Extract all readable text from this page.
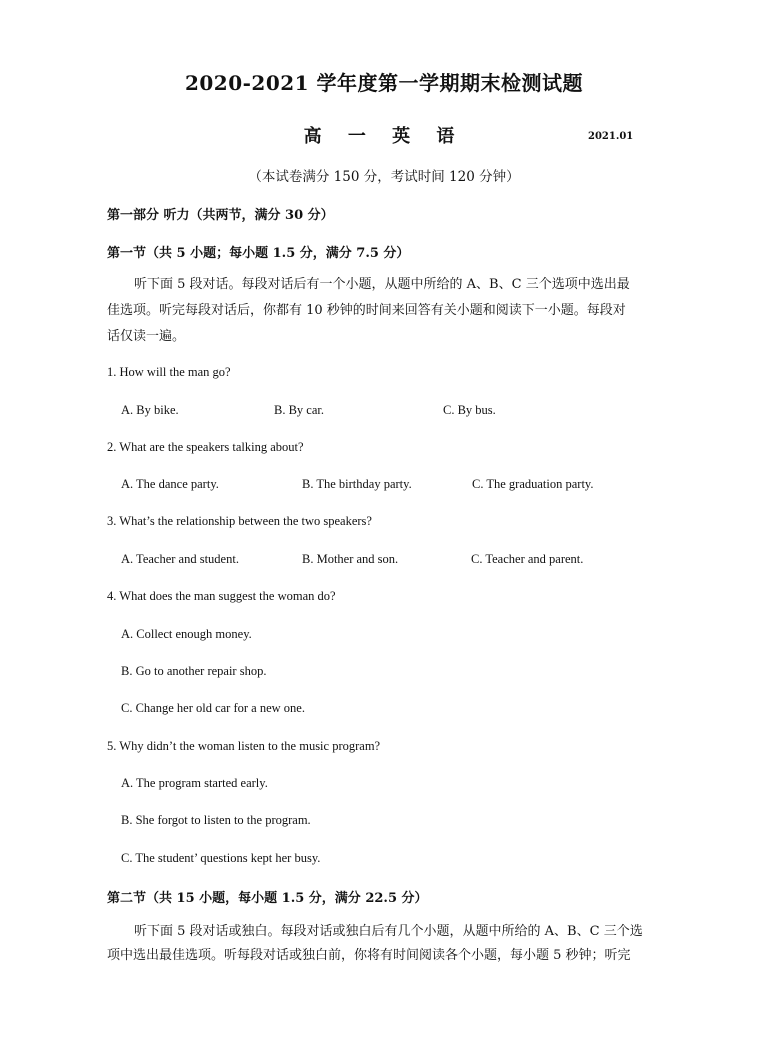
2020-2021 学年度第一学期期末检测试题
高 一 英 语	2021.01
（本试卷满分 150 分，考试时间 120 分钟）
第一部分 听力（共两节，满分 30 分）
第一节（共 5 小题；每小题 1.5 分，满分 7.5 分）
听下面 5 段对话。每段对话后有一个小题，从题中所给的 A、B、C 三个选项中选出最
佳选项。听完每段对话后，你都有 10 秒钟的时间来回答有关小题和阅读下一小题。每段对
话仅读一遍。
1. How will the man go?
A. By bike.	B. By car.	C. By bus.
2. What are the speakers talking about?
A. The dance party.	B. The birthday party.	C. The graduation party.
3. What’s the relationship between the two speakers?
A. Teacher and student.	B. Mother and son.	C. Teacher and parent.
4. What does the man suggest the woman do?
A. Collect enough money.
B. Go to another repair shop.
C. Change her old car for a new one.
5. Why didn’t the woman listen to the music program?
A. The program started early.
B. She forgot to listen to the program.
C. The student’ questions kept her busy.
第二节（共 15 小题，每小题 1.5 分，满分 22.5 分）
听下面 5 段对话或独白。每段对话或独白后有几个小题，从题中所给的 A、B、C 三个选
项中选出最佳选项。听每段对话或独白前，你将有时间阅读各个小题，每小题 5 秒钟；听完
